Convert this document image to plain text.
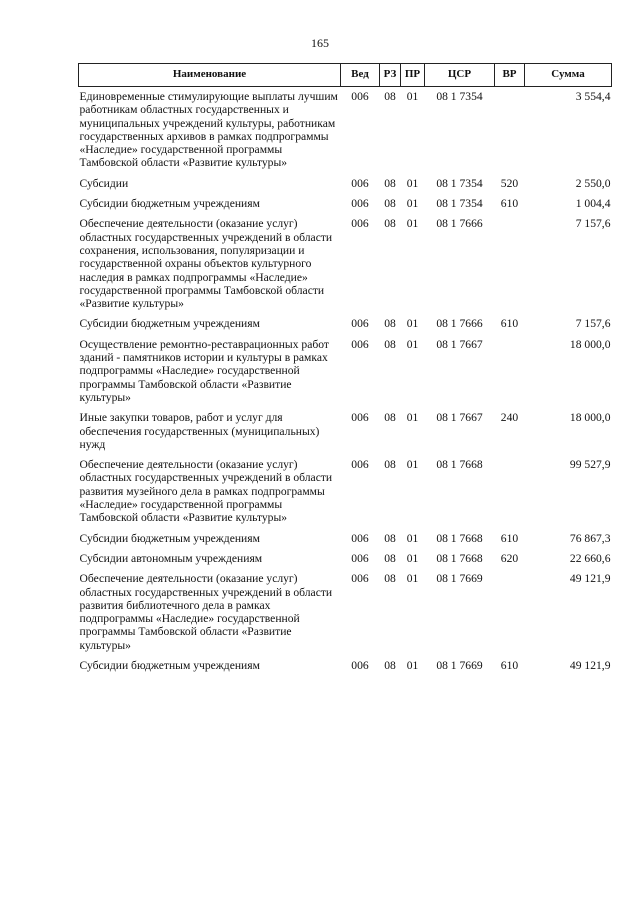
165
Наименование	Вед	РЗ	ПР	ЦСР	ВР	Сумма
Единовременные стимулирующие выплаты лучшим работникам областных государственных и муниципальных учреждений культуры, работникам государственных архивов в рамках подпрограммы «Наследие» государственной программы Тамбовской области «Развитие культуры»	006	08	01	08 1 7354		3 554,4
Субсидии	006	08	01	08 1 7354	520	2 550,0
Субсидии бюджетным учреждениям	006	08	01	08 1 7354	610	1 004,4
Обеспечение деятельности (оказание услуг) областных государственных учреждений в области сохранения, использования, популяризации и государственной охраны объектов культурного наследия в рамках подпрограммы «Наследие» государственной программы Тамбовской области «Развитие культуры»	006	08	01	08 1 7666		7 157,6
Субсидии бюджетным учреждениям	006	08	01	08 1 7666	610	7 157,6
Осуществление ремонтно-реставрационных работ зданий - памятников истории и культуры в рамках подпрограммы «Наследие» государственной программы Тамбовской области «Развитие культуры»	006	08	01	08 1 7667		18 000,0
Иные закупки товаров, работ и услуг для обеспечения государственных (муниципальных) нужд	006	08	01	08 1 7667	240	18 000,0
Обеспечение деятельности (оказание услуг) областных государственных учреждений в области развития музейного дела в рамках подпрограммы «Наследие» государственной программы Тамбовской области «Развитие культуры»	006	08	01	08 1 7668		99 527,9
Субсидии бюджетным учреждениям	006	08	01	08 1 7668	610	76 867,3
Субсидии автономным учреждениям	006	08	01	08 1 7668	620	22 660,6
Обеспечение деятельности (оказание услуг) областных государственных учреждений в области развития библиотечного дела в рамках подпрограммы «Наследие» государственной программы Тамбовской области «Развитие культуры»	006	08	01	08 1 7669		49 121,9
Субсидии бюджетным учреждениям	006	08	01	08 1 7669	610	49 121,9
